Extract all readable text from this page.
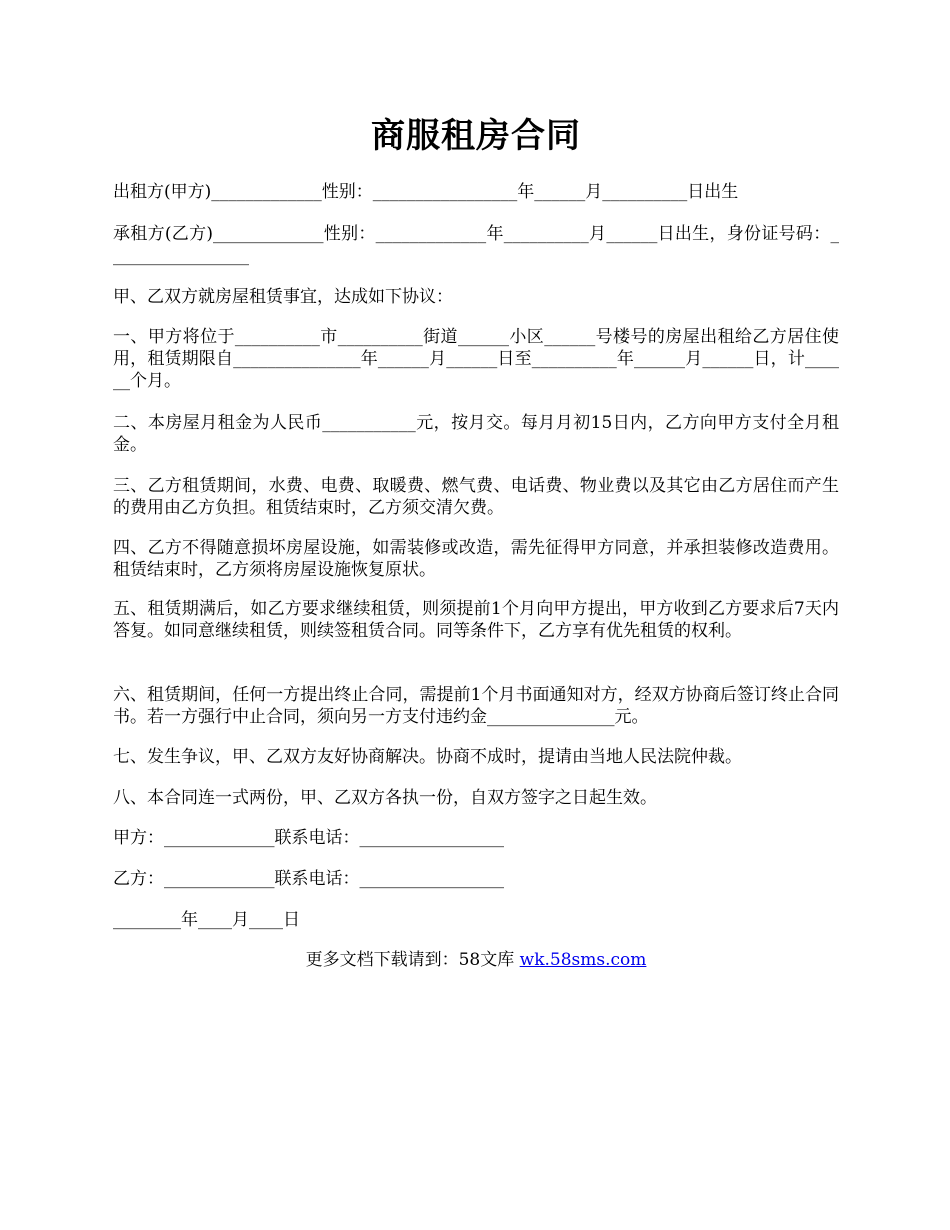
商服租房合同

出租方(甲方)_____________性别：_________________年______月__________日出生

承租方(乙方)_____________性别：_____________年__________月______日出生，身份证号码：_________________

甲、乙双方就房屋租赁事宜，达成如下协议：

一、甲方将位于__________市__________街道______小区______号楼号的房屋出租给乙方居住使用，租赁期限自_______________年______月______日至__________年______月______日，计______个月。

二、本房屋月租金为人民币___________元，按月交。每月月初15日内，乙方向甲方支付全月租金。

三、乙方租赁期间，水费、电费、取暖费、燃气费、电话费、物业费以及其它由乙方居住而产生的费用由乙方负担。租赁结束时，乙方须交清欠费。

四、乙方不得随意损坏房屋设施，如需装修或改造，需先征得甲方同意，并承担装修改造费用。租赁结束时，乙方须将房屋设施恢复原状。

五、租赁期满后，如乙方要求继续租赁，则须提前1个月向甲方提出，甲方收到乙方要求后7天内答复。如同意继续租赁，则续签租赁合同。同等条件下，乙方享有优先租赁的权利。

六、租赁期间，任何一方提出终止合同，需提前1个月书面通知对方，经双方协商后签订终止合同书。若一方强行中止合同，须向另一方支付违约金_______________元。

七、发生争议，甲、乙双方友好协商解决。协商不成时，提请由当地人民法院仲裁。

八、本合同连一式两份，甲、乙双方各执一份，自双方签字之日起生效。

甲方：_____________联系电话：_________________

乙方：_____________联系电话：_________________

________年____月____日

更多文档下载请到：58文库 wk.58sms.com
